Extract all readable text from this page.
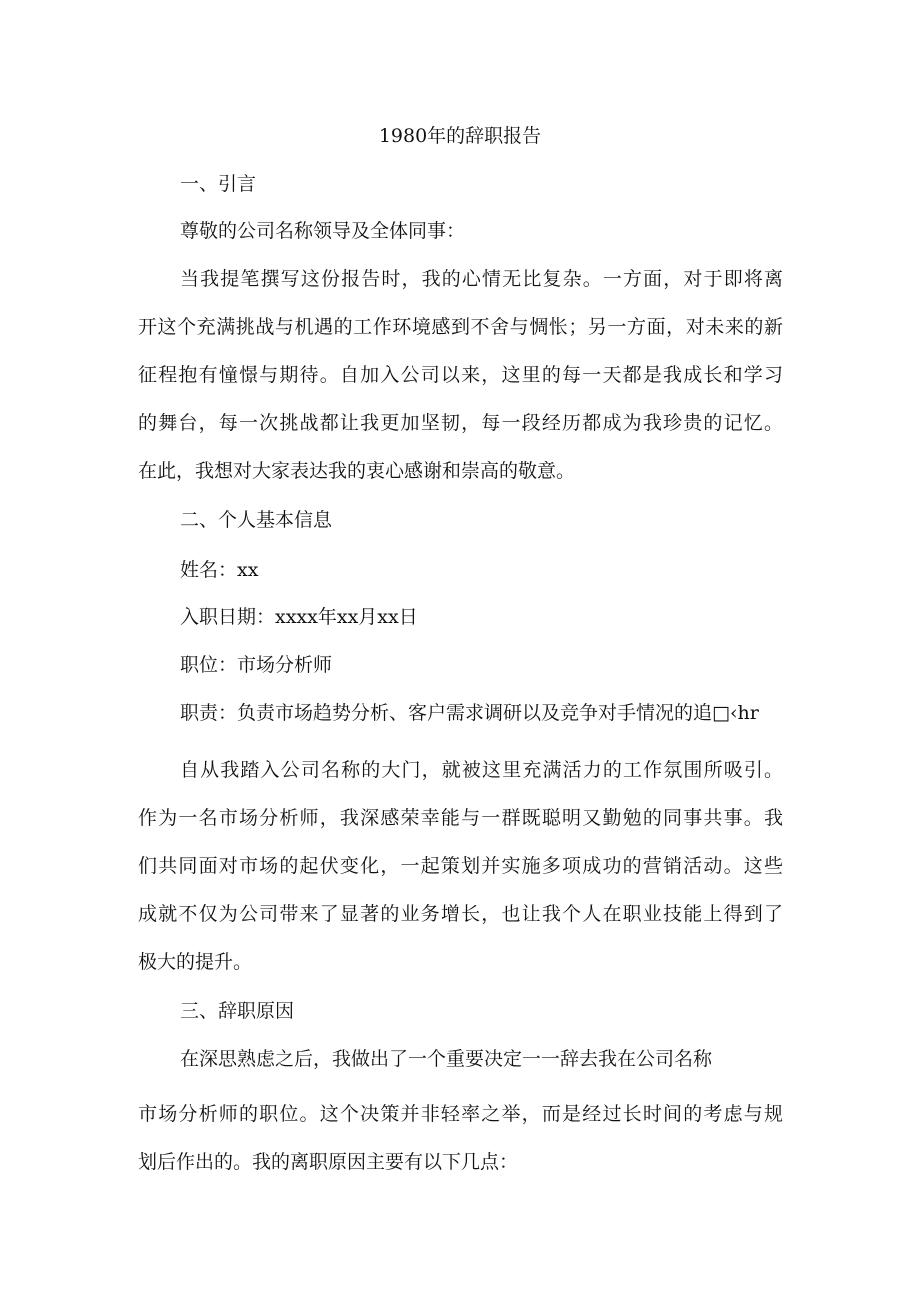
1980年的辞职报告
一、引言
尊敬的公司名称领导及全体同事：
当我提笔撰写这份报告时，我的心情无比复杂。一方面，对于即将离
开这个充满挑战与机遇的工作环境感到不舍与惆怅；另一方面，对未来的新
征程抱有憧憬与期待。自加入公司以来，这里的每一天都是我成长和学习
的舞台，每一次挑战都让我更加坚韧，每一段经历都成为我珍贵的记忆。
在此，我想对大家表达我的衷心感谢和崇高的敬意。
二、个人基本信息
姓名：xx
入职日期：xxxx年xx月xx日
职位：市场分析师
职责：负责市场趋势分析、客户需求调研以及竞争对手情况的追□‹hr
自从我踏入公司名称的大门，就被这里充满活力的工作氛围所吸引。
作为一名市场分析师，我深感荣幸能与一群既聪明又勤勉的同事共事。我
们共同面对市场的起伏变化，一起策划并实施多项成功的营销活动。这些
成就不仅为公司带来了显著的业务增长，也让我个人在职业技能上得到了
极大的提升。
三、辞职原因
在深思熟虑之后，我做出了一个重要决定一一辞去我在公司名称
市场分析师的职位。这个决策并非轻率之举，而是经过长时间的考虑与规
划后作出的。我的离职原因主要有以下几点：
